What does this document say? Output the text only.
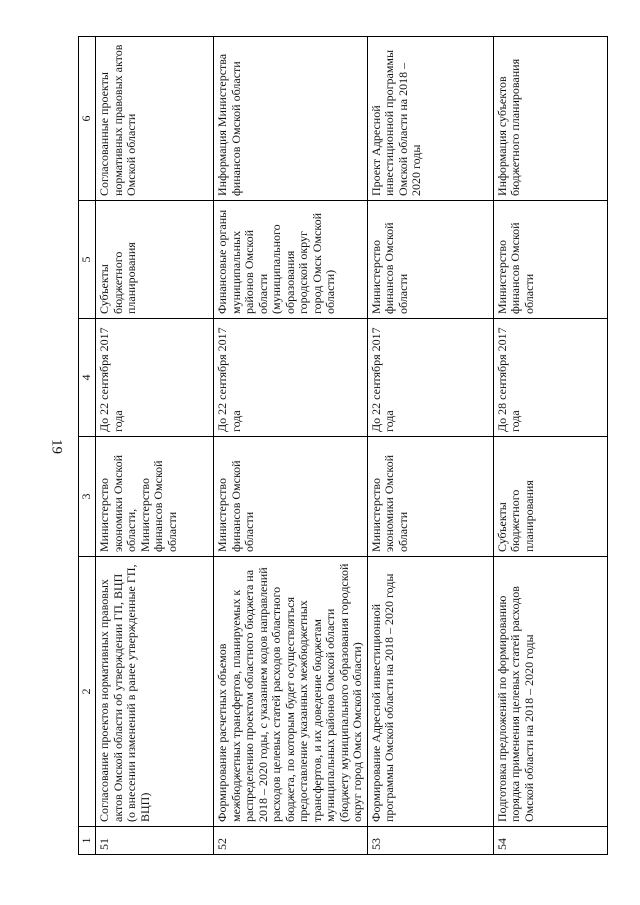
19
1	2	3	4	5	6
51	Согласование проектов нормативных правовых актов Омской области об утверждении ГП, ВЦП (о внесении изменений в ранее утвержденные ГП, ВЦП)	Министерство экономики Омской области, Министерство финансов Омской области	До 22 сентября 2017 года	Субъекты бюджетного планирования	Согласованные проекты нормативных правовых актов Омской области
52	Формирование расчетных объемов межбюджетных трансфертов, планируемых к распределению проектом областного бюджета на 2018 – 2020 годы, с указанием кодов направлений расходов целевых статей расходов областного бюджета, по которым будет осуществляться предоставление указанных межбюджетных трансфертов, и их доведение бюджетам муниципальных районов Омской области (бюджету муниципального образования городской округ город Омск Омской области)	Министерство финансов Омской области	До 22 сентября 2017 года	Финансовые органы муниципальных районов Омской области (муниципального образования городской округ город Омск Омской области)	Информация Министерства финансов Омской области
53	Формирование Адресной инвестиционной программы Омской области на 2018 – 2020 годы	Министерство экономики Омской области	До 22 сентября 2017 года	Министерство финансов Омской области	Проект Адресной инвестиционной программы Омской области на 2018 – 2020 годы
54	Подготовка предложений по формированию порядка применения целевых статей расходов Омской области на 2018 – 2020 годы	Субъекты бюджетного планирования	До 28 сентября 2017 года	Министерство финансов Омской области	Информация субъектов бюджетного планирования
